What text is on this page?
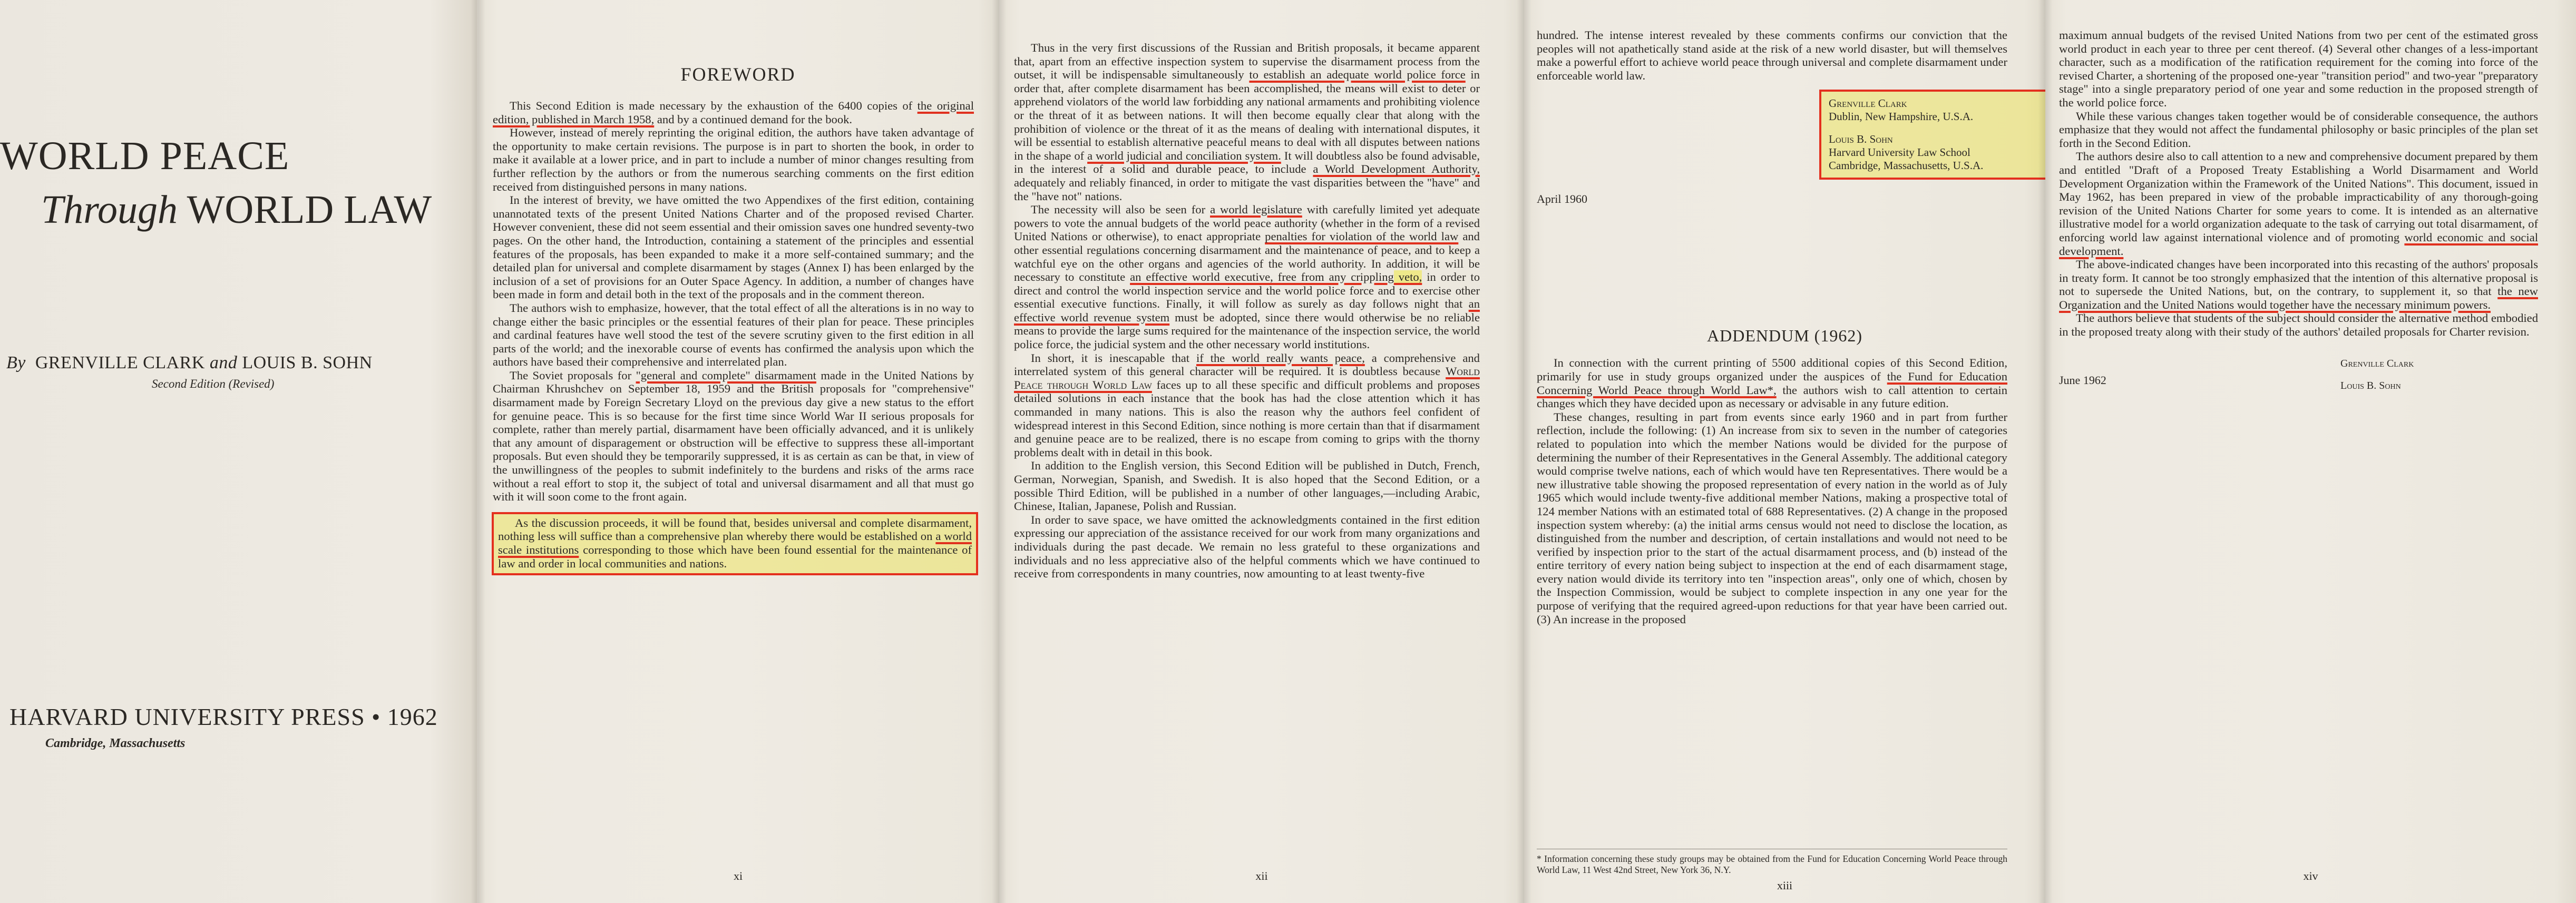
WORLD PEACE
Through WORLD LAW
By GRENVILLE CLARK and LOUIS B. SOHN
Second Edition (Revised)
HARVARD UNIVERSITY PRESS • 1962
Cambridge, Massachusetts
FOREWORD

This Second Edition is made necessary by the exhaustion of the 6400 copies of the original edition, published in March 1958, and by a continued demand for the book.

However, instead of merely reprinting the original edition, the authors have taken advantage of the opportunity to make certain revisions. The purpose is in part to shorten the book, in order to make it available at a lower price, and in part to include a number of minor changes resulting from further reflection by the authors or from the numerous searching comments on the first edition received from distinguished persons in many nations.

In the interest of brevity, we have omitted the two Appendixes of the first edition, containing unannotated texts of the present United Nations Charter and of the proposed revised Charter. However convenient, these did not seem essential and their omission saves one hundred seventy-two pages. On the other hand, the Introduction, containing a statement of the principles and essential features of the proposals, has been expanded to make it a more self-contained summary; and the detailed plan for universal and complete disarmament by stages (Annex I) has been enlarged by the inclusion of a set of provisions for an Outer Space Agency. In addition, a number of changes have been made in form and detail both in the text of the proposals and in the comment thereon.

The authors wish to emphasize, however, that the total effect of all the alterations is in no way to change either the basic principles or the essential features of their plan for peace. These principles and cardinal features have well stood the test of the severe scrutiny given to the first edition in all parts of the world; and the inexorable course of events has confirmed the analysis upon which the authors have based their comprehensive and interrelated plan.

The Soviet proposals for "general and complete" disarmament made in the United Nations by Chairman Khrushchev on September 18, 1959 and the British proposals for "comprehensive" disarmament made by Foreign Secretary Lloyd on the previous day give a new status to the effort for genuine peace. This is so because for the first time since World War II serious proposals for complete, rather than merely partial, disarmament have been officially advanced, and it is unlikely that any amount of disparagement or obstruction will be effective to suppress these all-important proposals. But even should they be temporarily suppressed, it is as certain as can be that, in view of the unwillingness of the peoples to submit indefinitely to the burdens and risks of the arms race without a real effort to stop it, the subject of total and universal disarmament and all that must go with it will soon come to the front again.

As the discussion proceeds, it will be found that, besides universal and complete disarmament, nothing less will suffice than a comprehensive plan whereby there would be established on a world scale institutions corresponding to those which have been found essential for the maintenance of law and order in local communities and nations.

xi

Thus in the very first discussions of the Russian and British proposals, it became apparent that, apart from an effective inspection system to supervise the disarmament process from the outset, it will be indispensable simultaneously to establish an adequate world police force in order that, after complete disarmament has been accomplished, the means will exist to deter or apprehend violators of the world law forbidding any national armaments and prohibiting violence or the threat of it as between nations. It will then become equally clear that along with the prohibition of violence or the threat of it as the means of dealing with international disputes, it will be essential to establish alternative peaceful means to deal with all disputes between nations in the shape of a world judicial and conciliation system. It will doubtless also be found advisable, in the interest of a solid and durable peace, to include a World Development Authority, adequately and reliably financed, in order to mitigate the vast disparities between the "have" and the "have not" nations.

The necessity will also be seen for a world legislature with carefully limited yet adequate powers to vote the annual budgets of the world peace authority (whether in the form of a revised United Nations or otherwise), to enact appropriate penalties for violation of the world law and other essential regulations concerning disarmament and the maintenance of peace, and to keep a watchful eye on the other organs and agencies of the world authority. In addition, it will be necessary to constitute an effective world executive, free from any crippling veto, in order to direct and control the world inspection service and the world police force and to exercise other essential executive functions. Finally, it will follow as surely as day follows night that an effective world revenue system must be adopted, since there would otherwise be no reliable means to provide the large sums required for the maintenance of the inspection service, the world police force, the judicial system and the other necessary world institutions.

In short, it is inescapable that if the world really wants peace, a comprehensive and interrelated system of this general character will be required. It is doubtless because World Peace through World Law faces up to all these specific and difficult problems and proposes detailed solutions in each instance that the book has had the close attention which it has commanded in many nations. This is also the reason why the authors feel confident of widespread interest in this Second Edition, since nothing is more certain than that if disarmament and genuine peace are to be realized, there is no escape from coming to grips with the thorny problems dealt with in detail in this book.

In addition to the English version, this Second Edition will be published in Dutch, French, German, Norwegian, Spanish, and Swedish. It is also hoped that the Second Edition, or a possible Third Edition, will be published in a number of other languages,—including Arabic, Chinese, Italian, Japanese, Polish and Russian.

In order to save space, we have omitted the acknowledgments contained in the first edition expressing our appreciation of the assistance received for our work from many organizations and individuals during the past decade. We remain no less grateful to these organizations and individuals and no less appreciative also of the helpful comments which we have continued to receive from correspondents in many countries, now amounting to at least twenty-five

xii

hundred. The intense interest revealed by these comments confirms our conviction that the peoples will not apathetically stand aside at the risk of a new world disaster, but will themselves make a powerful effort to achieve world peace through universal and complete disarmament under enforceable world law.

Grenville Clark
Dublin, New Hampshire, U.S.A.
Louis B. Sohn
Harvard University Law School
Cambridge, Massachusetts, U.S.A.
April 1960
ADDENDUM (1962)

In connection with the current printing of 5500 additional copies of this Second Edition, primarily for use in study groups organized under the auspices of the Fund for Education Concerning World Peace through World Law*, the authors wish to call attention to certain changes which they have decided upon as necessary or advisable in any future edition.

These changes, resulting in part from events since early 1960 and in part from further reflection, include the following: (1) An increase from six to seven in the number of categories related to population into which the member Nations would be divided for the purpose of determining the number of their Representatives in the General Assembly. The additional category would comprise twelve nations, each of which would have ten Representatives. There would be a new illustrative table showing the proposed representation of every nation in the world as of July 1965 which would include twenty-five additional member Nations, making a prospective total of 124 member Nations with an estimated total of 688 Representatives. (2) A change in the proposed inspection system whereby: (a) the initial arms census would not need to disclose the location, as distinguished from the number and description, of certain installations and would not need to be verified by inspection prior to the start of the actual disarmament process, and (b) instead of the entire territory of every nation being subject to inspection at the end of each disarmament stage, every nation would divide its territory into ten "inspection areas", only one of which, chosen by the Inspection Commission, would be subject to complete inspection in any one year for the purpose of verifying that the required agreed-upon reductions for that year have been carried out. (3) An increase in the proposed

* Information concerning these study groups may be obtained from the Fund for Education Concerning World Peace through World Law, 11 West 42nd Street, New York 36, N.Y.
xiii

maximum annual budgets of the revised United Nations from two per cent of the estimated gross world product in each year to three per cent thereof. (4) Several other changes of a less-important character, such as a modification of the ratification requirement for the coming into force of the revised Charter, a shortening of the proposed one-year "transition period" and two-year "preparatory stage" into a single preparatory period of one year and some reduction in the proposed strength of the world police force.

While these various changes taken together would be of considerable consequence, the authors emphasize that they would not affect the fundamental philosophy or basic principles of the plan set forth in the Second Edition.

The authors desire also to call attention to a new and comprehensive document prepared by them and entitled "Draft of a Proposed Treaty Establishing a World Disarmament and World Development Organization within the Framework of the United Nations". This document, issued in May 1962, has been prepared in view of the probable impracticability of any thorough-going revision of the United Nations Charter for some years to come. It is intended as an alternative illustrative model for a world organization adequate to the task of carrying out total disarmament, of enforcing world law against international violence and of promoting world economic and social development.

The above-indicated changes have been incorporated into this recasting of the authors' proposals in treaty form. It cannot be too strongly emphasized that the intention of this alternative proposal is not to supersede the United Nations, but, on the contrary, to supplement it, so that the new Organization and the United Nations would together have the necessary minimum powers.

The authors believe that students of the subject should consider the alternative method embodied in the proposed treaty along with their study of the authors' detailed proposals for Charter revision.

Grenville Clark
Louis B. Sohn
June 1962
xiv
